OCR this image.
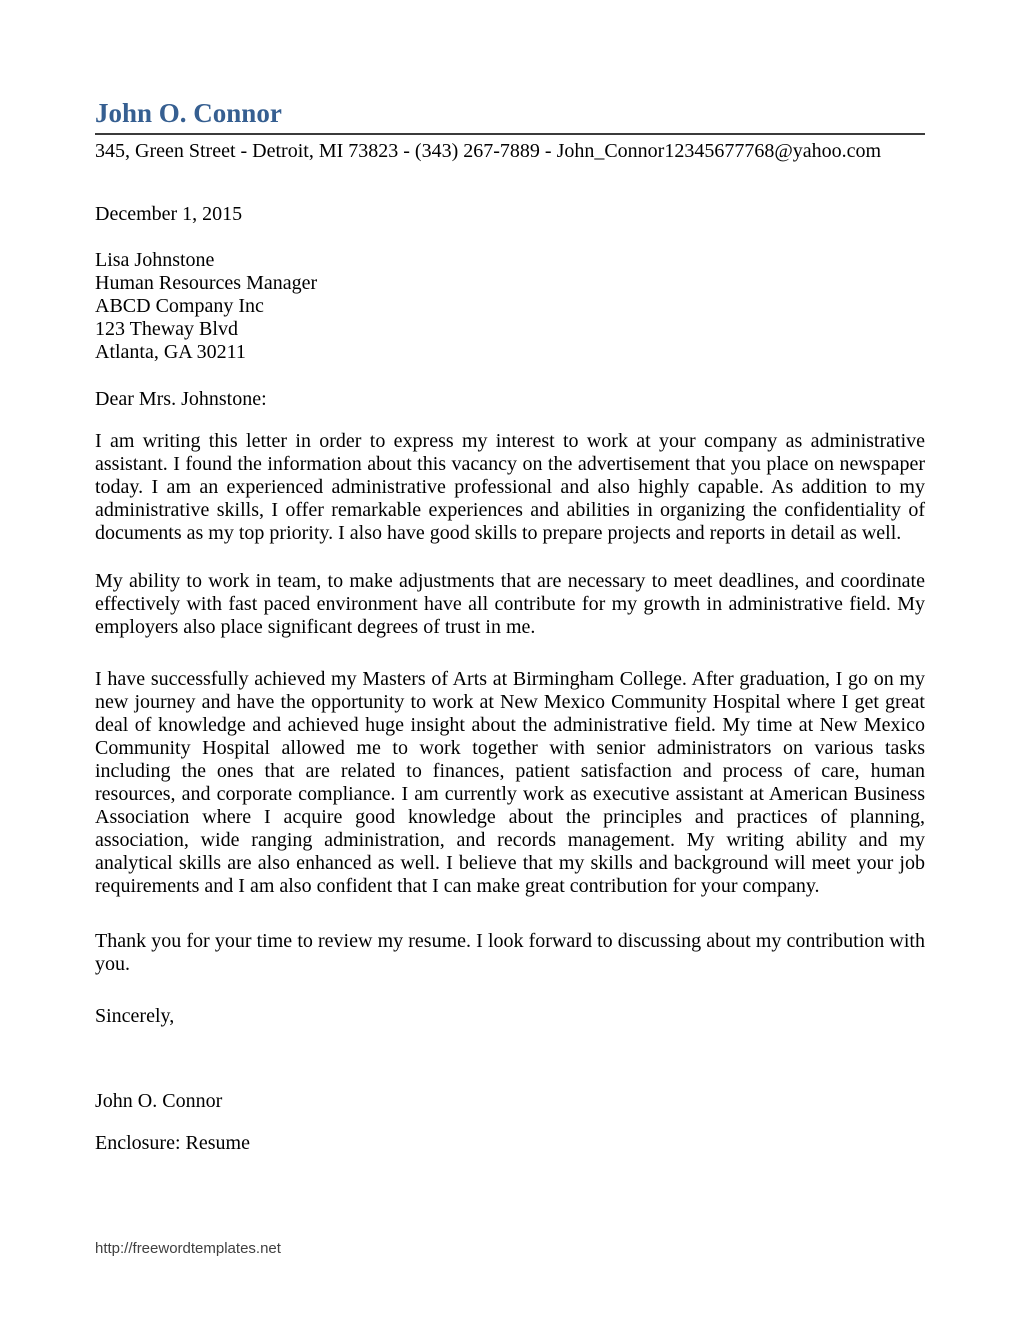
John O. Connor
345, Green Street - Detroit, MI 73823 - (343) 267-7889 - John_Connor12345677768@yahoo.com
December 1, 2015
Lisa Johnstone
Human Resources Manager
ABCD Company Inc
123 Theway Blvd
Atlanta, GA 30211
Dear Mrs. Johnstone:

I am writing this letter in order to express my interest to work at your company as administrative assistant. I found the information about this vacancy on the advertisement that you place on newspaper today. I am an experienced administrative professional and also highly capable. As addition to my administrative skills, I offer remarkable experiences and abilities in organizing the confidentiality of documents as my top priority. I also have good skills to prepare projects and reports in detail as well.

My ability to work in team, to make adjustments that are necessary to meet deadlines, and coordinate effectively with fast paced environment have all contribute for my growth in administrative field. My employers also place significant degrees of trust in me.

I have successfully achieved my Masters of Arts at Birmingham College. After graduation, I go on my new journey and have the opportunity to work at New Mexico Community Hospital where I get great deal of knowledge and achieved huge insight about the administrative field. My time at New Mexico Community Hospital allowed me to work together with senior administrators on various tasks including the ones that are related to finances, patient satisfaction and process of care, human resources, and corporate compliance. I am currently work as executive assistant at American Business Association where I acquire good knowledge about the principles and practices of planning, association, wide ranging administration, and records management. My writing ability and my analytical skills are also enhanced as well. I believe that my skills and background will meet your job requirements and I am also confident that I can make great contribution for your company.

Thank you for your time to review my resume. I look forward to discussing about my contribution with you.

Sincerely,
John O. Connor
Enclosure: Resume
http://freewordtemplates.net
